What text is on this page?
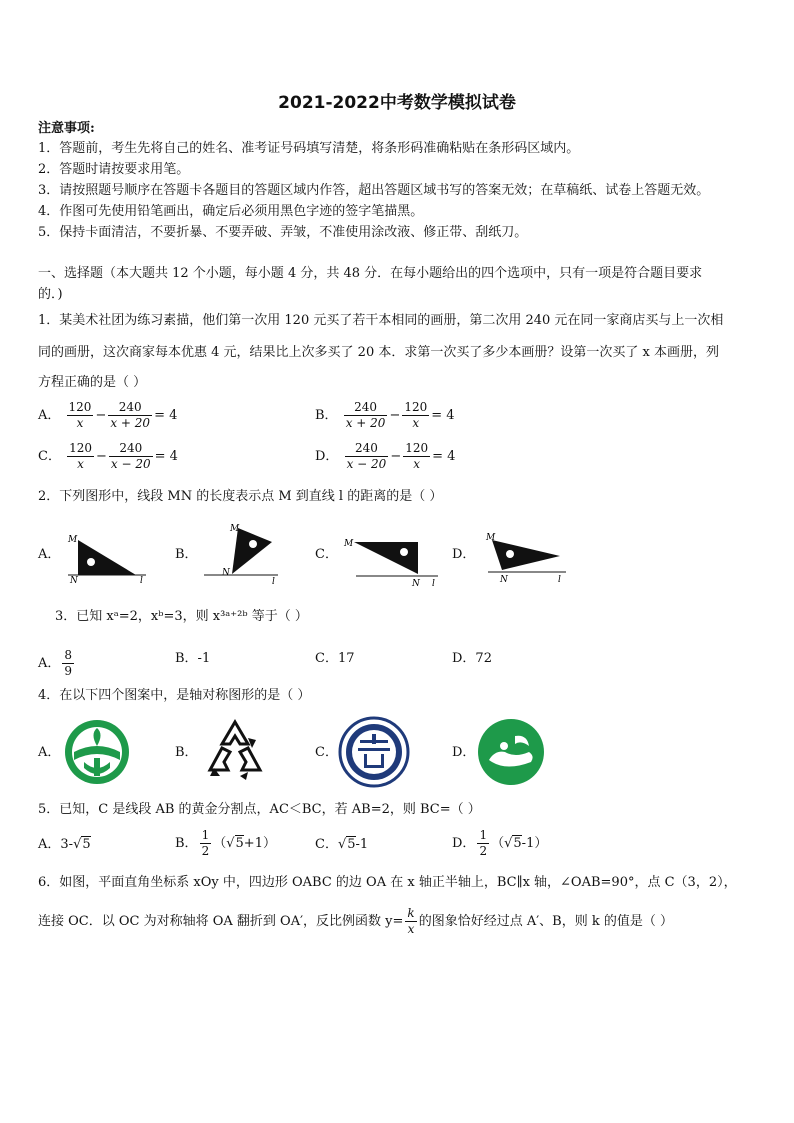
2021-2022中考数学模拟试卷
注意事项:
1．答题前，考生先将自己的姓名、准考证号码填写清楚，将条形码准确粘贴在条形码区域内。
2．答题时请按要求用笔。
3．请按照题号顺序在答题卡各题目的答题区域内作答，超出答题区域书写的答案无效；在草稿纸、试卷上答题无效。
4．作图可先使用铅笔画出，确定后必须用黑色字迹的签字笔描黑。
5．保持卡面清洁，不要折暴、不要弄破、弄皱，不准使用涂改液、修正带、刮纸刀。
一、选择题（本大题共 12 个小题，每小题 4 分，共 48 分．在每小题给出的四个选项中，只有一项是符合题目要求
的．)
1．某美术社团为练习素描，他们第一次用 120 元买了若干本相同的画册，第二次用 240 元在同一家商店买与上一次相
同的画册，这次商家每本优惠 4 元，结果比上次多买了 20 本．求第一次买了多少本画册？设第一次买了 x 本画册，列
方程正确的是（ ）
A． $\frac{120}{x} - \frac{240}{x + 20} = 4$	B． $\frac{240}{x + 20} - \frac{120}{x} = 4$
C． $\frac{120}{x} - \frac{240}{x - 20} = 4$	D． $\frac{240}{x - 20} - \frac{120}{x} = 4$
2．下列图形中，线段 MN 的长度表示点 M 到直线 l 的距离的是（ ）
A．
M
N	l
B．
M
N
l
C．
M
N l
D．
M
N	l
3．已知 xᵃ=2，xᵇ=3，则 x³ᵃ⁺²ᵇ 等于（ ）
A． $\frac{8}{9}$	B．-1	C．17	D．72
4．在以下四个图案中，是轴对称图形的是（ ）
A．	B．	C．	D．
5．已知，C 是线段 AB 的黄金分割点，AC＜BC，若 AB=2，则 BC=（ ）
A．3-√5	B． $\frac{1}{2} (√5+1)$	C．√5-1	D． $\frac{1}{2} (√5-1)$
6．如图，平面直角坐标系 xOy 中，四边形 OABC 的边 OA 在 x 轴正半轴上，BC∥x 轴，∠OAB=90°，点 C（3，2），
连接 OC．以 OC 为对称轴将 OA 翻折到 OA′，反比例函数 $y= \frac{k}{x}$ 的图象恰好经过点 A′、B，则 k 的值是（ ）
